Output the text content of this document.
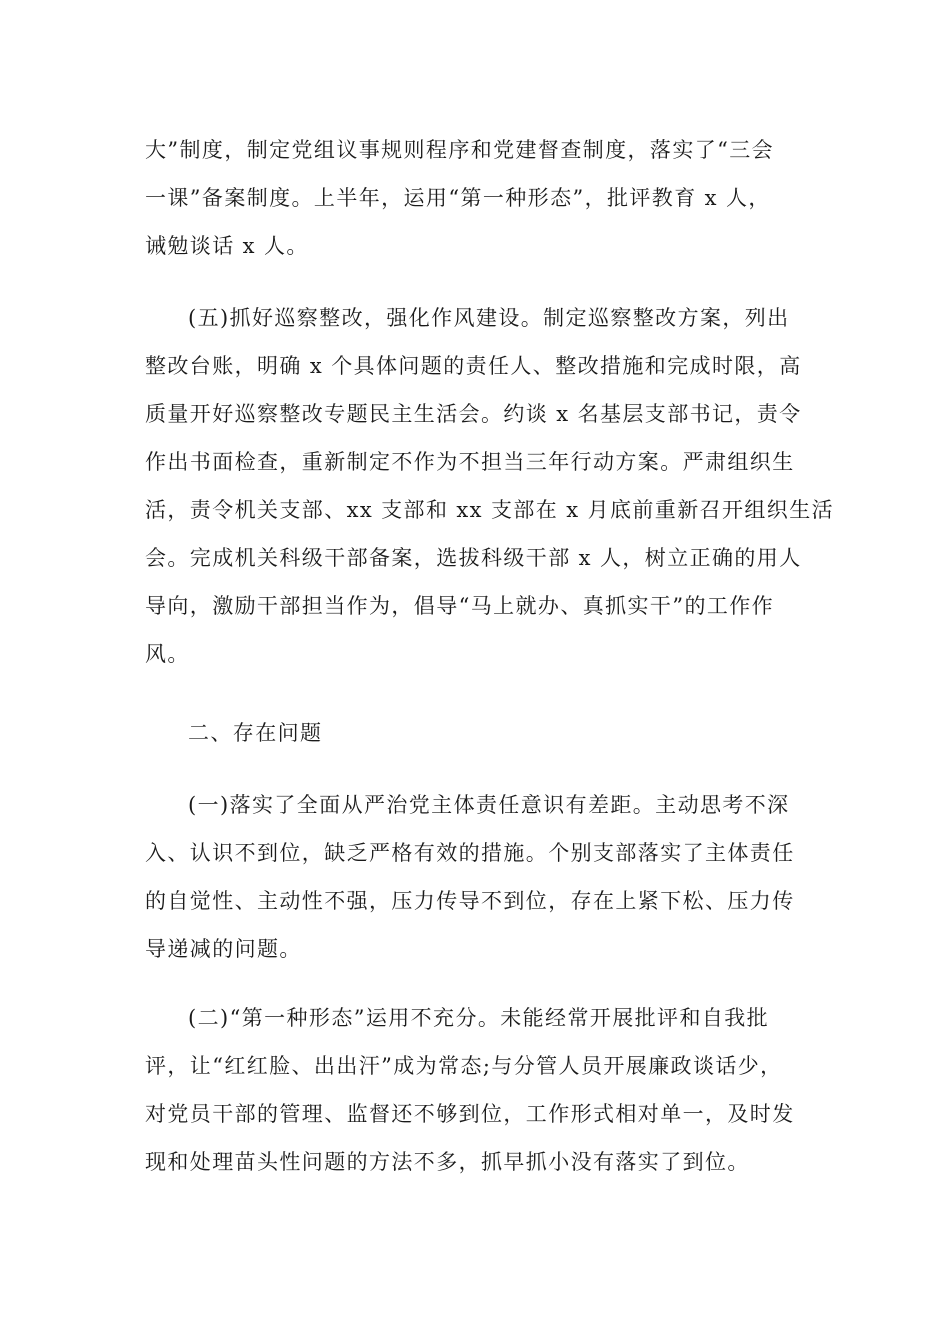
大”制度，制定党组议事规则程序和党建督查制度，落实了“三会
一课”备案制度。上半年，运用“第一种形态”，批评教育 x 人，
诫勉谈话 x 人。
(五)抓好巡察整改，强化作风建设。制定巡察整改方案，列出
整改台账，明确 x 个具体问题的责任人、整改措施和完成时限，高
质量开好巡察整改专题民主生活会。约谈 x 名基层支部书记，责令
作出书面检查，重新制定不作为不担当三年行动方案。严肃组织生
活，责令机关支部、xx 支部和 xx 支部在 x 月底前重新召开组织生活
会。完成机关科级干部备案，选拔科级干部 x 人，树立正确的用人
导向，激励干部担当作为，倡导“马上就办、真抓实干”的工作作
风。
二、存在问题
(一)落实了全面从严治党主体责任意识有差距。主动思考不深
入、认识不到位，缺乏严格有效的措施。个别支部落实了主体责任
的自觉性、主动性不强，压力传导不到位，存在上紧下松、压力传
导递减的问题。
(二)“第一种形态”运用不充分。未能经常开展批评和自我批
评，让“红红脸、出出汗”成为常态;与分管人员开展廉政谈话少，
对党员干部的管理、监督还不够到位，工作形式相对单一，及时发
现和处理苗头性问题的方法不多，抓早抓小没有落实了到位。
